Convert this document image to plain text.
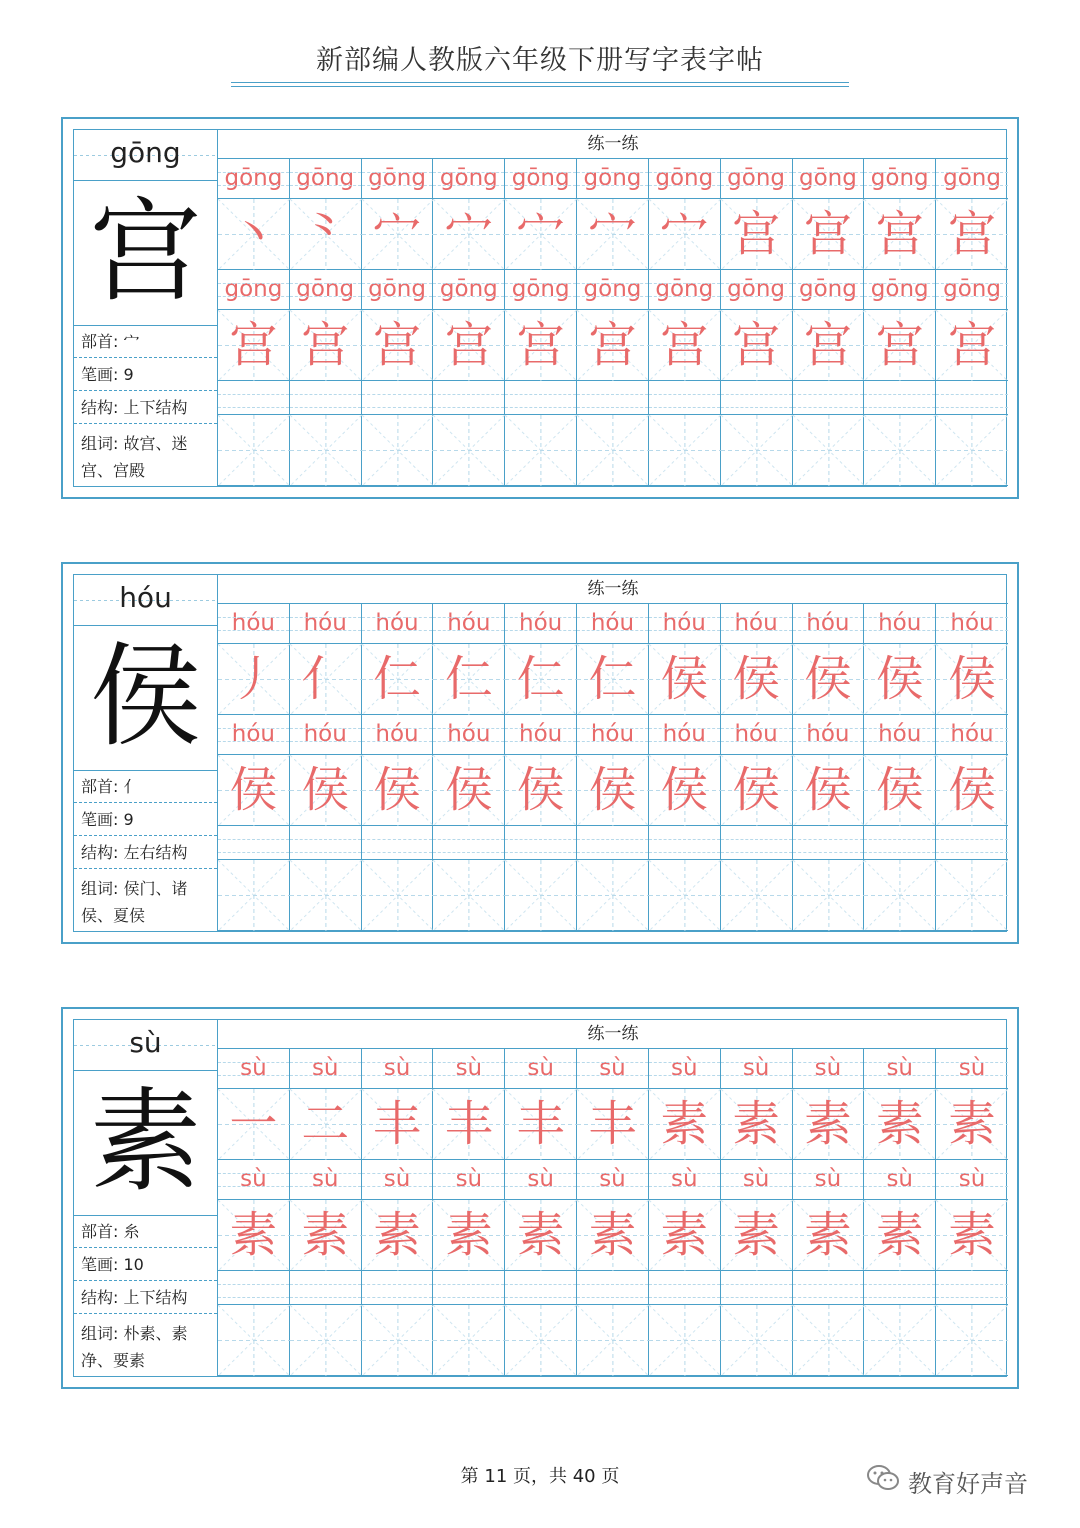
新部编人教版六年级下册写字表字帖
gōng
宫
部首: 宀
笔画: 9
结构: 上下结构
组词: 故宫、迷宫、宫殿
练一练
gōng gōng gōng gōng gōng gōng gōng gōng gōng gōng gōng
丶 ⺀ 宀 宀 宀 宀 宀 宫 宫 宫 宫
gōng gōng gōng gōng gōng gōng gōng gōng gōng gōng gōng
宫 宫 宫 宫 宫 宫 宫 宫 宫 宫 宫
hóu
侯
部首: 亻
笔画: 9
结构: 左右结构
组词: 侯门、诸侯、夏侯
练一练
hóu	hóu	hóu	hóu	hóu	hóu	hóu	hóu	hóu	hóu	hóu
丿 亻 仁 仁 仁 仁 侯 侯 侯 侯 侯
hóu	hóu	hóu	hóu	hóu	hóu	hóu	hóu	hóu	hóu	hóu
侯 侯 侯 侯 侯 侯 侯 侯 侯 侯 侯
sù
素
部首: 糸
笔画: 10
结构: 上下结构
组词: 朴素、素净、要素
练一练
sù	sù	sù	sù	sù	sù	sù	sù	sù	sù	sù
一 二 丰 丰 丰 丰 素 素 素 素 素
sù	sù	sù	sù	sù	sù	sù	sù	sù	sù	sù
素 素 素 素 素 素 素 素 素 素 素
第 11 页，共 40 页	教育好声音
